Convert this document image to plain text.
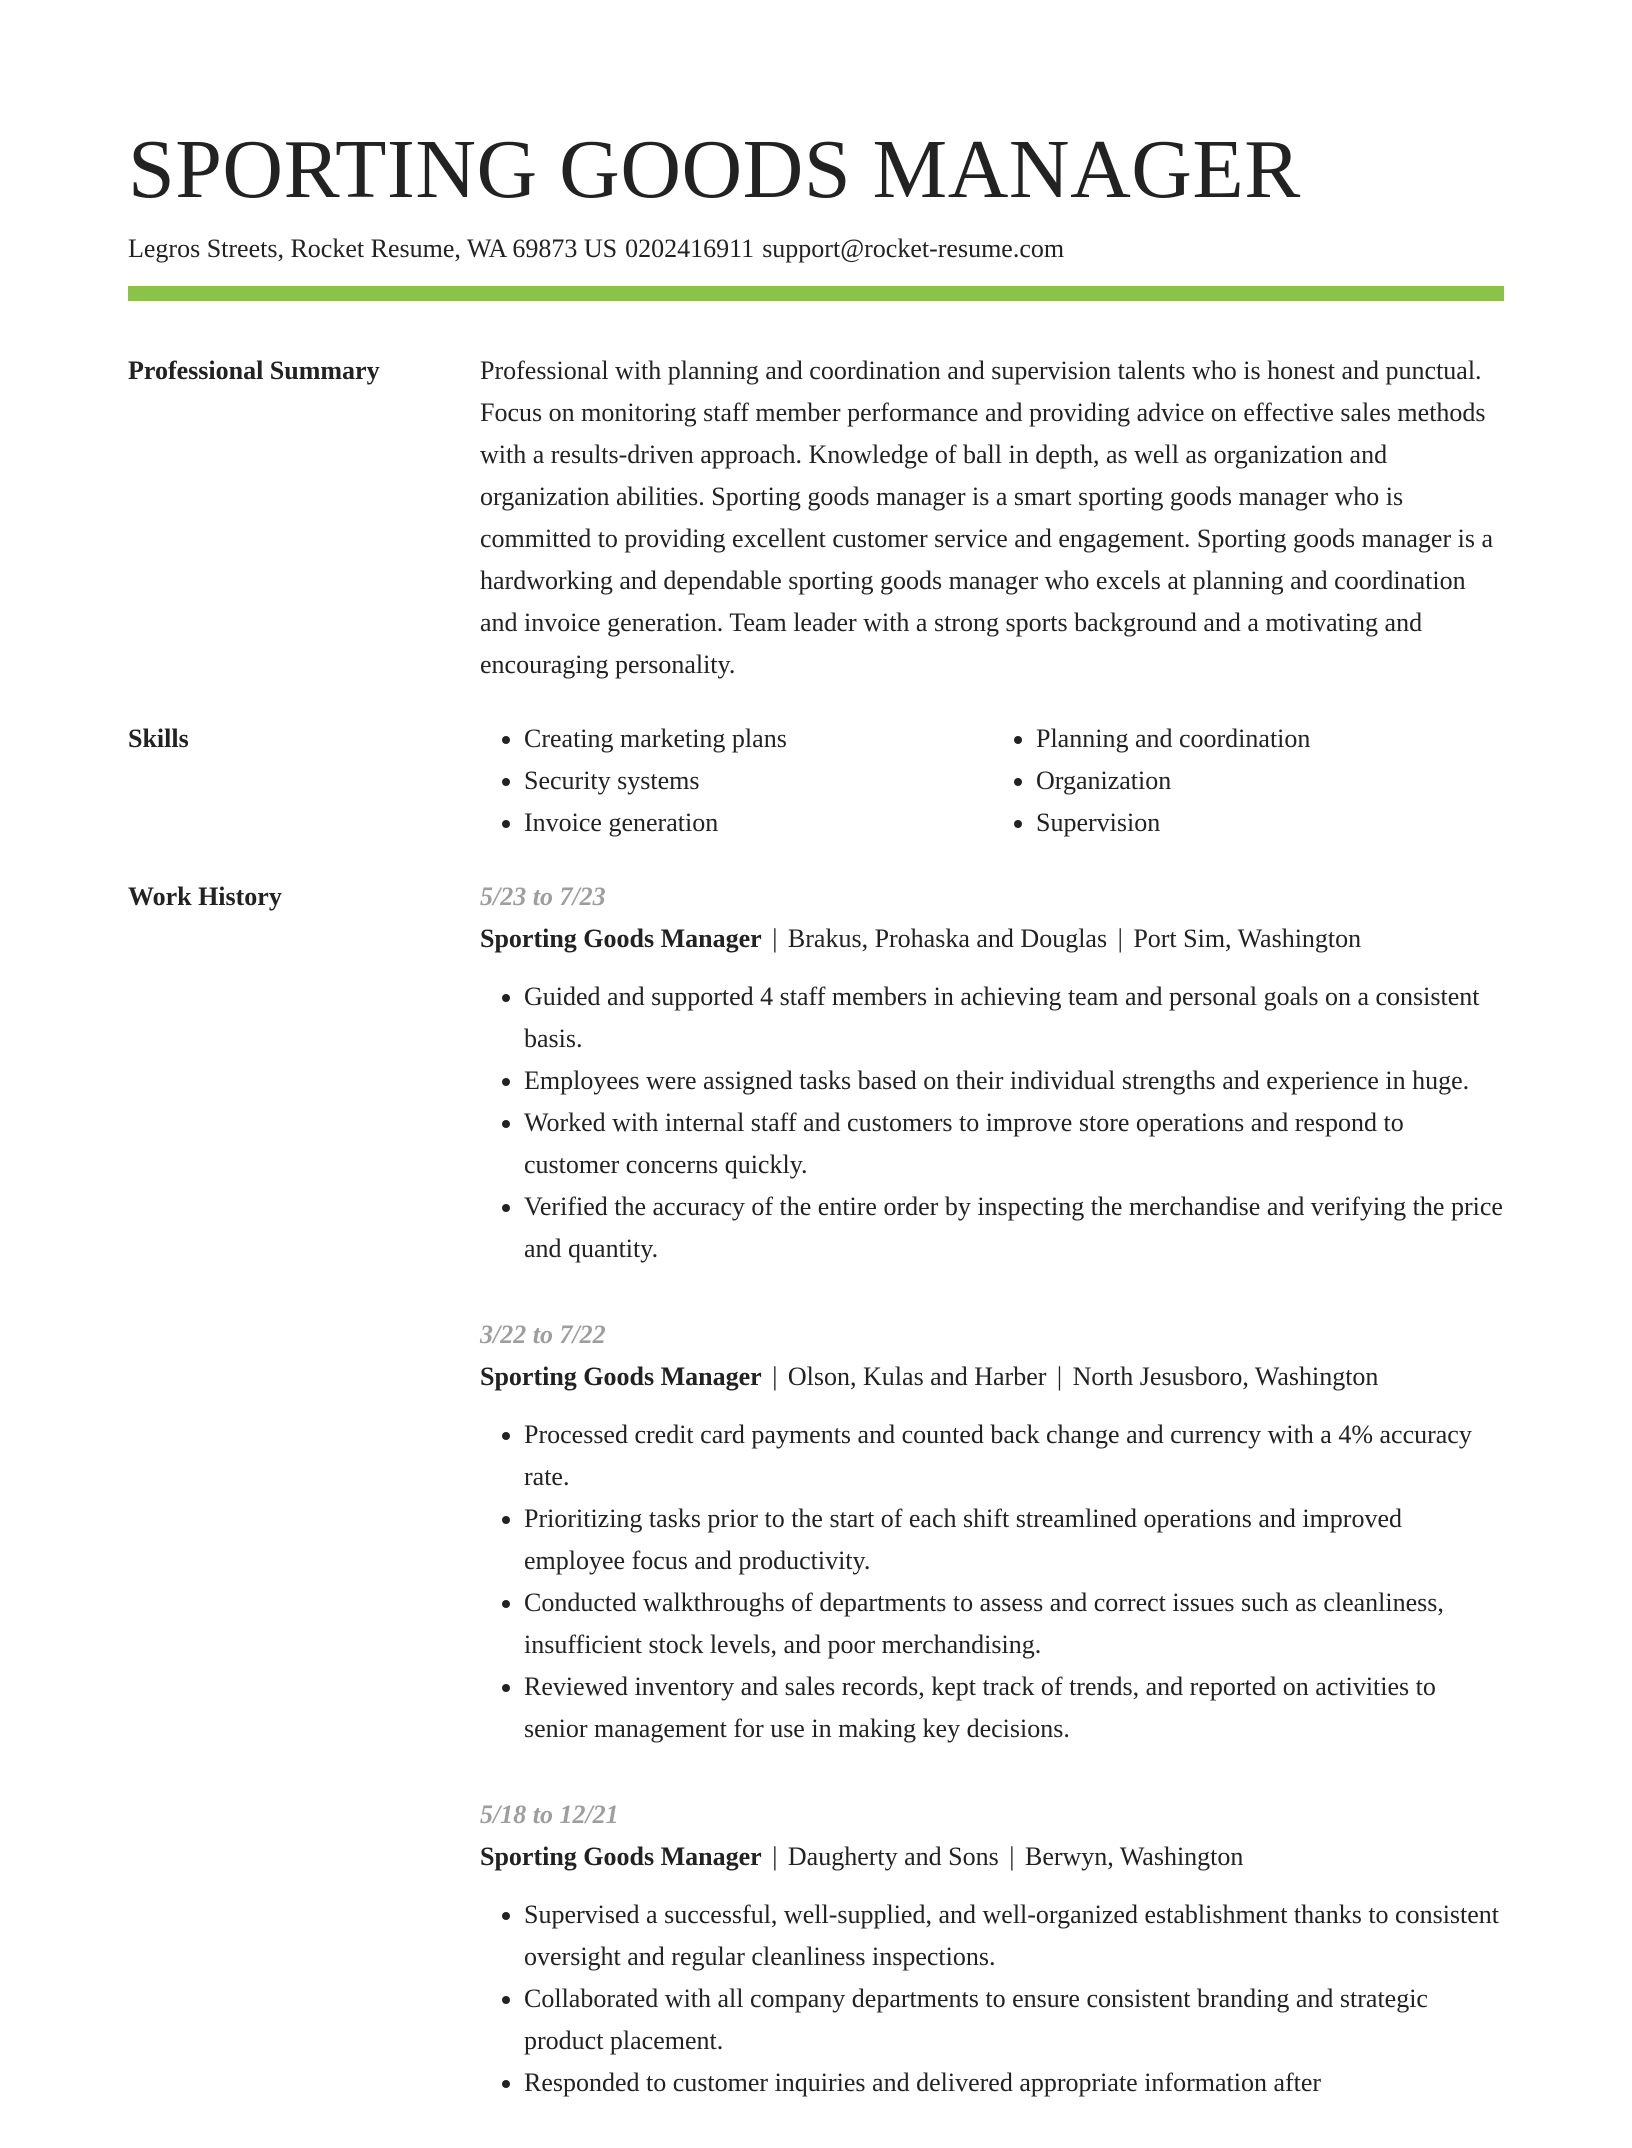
SPORTING GOODS MANAGER
Legros Streets, Rocket Resume, WA 69873 US 0202416911 support@rocket-resume.com
Professional Summary	Professional with planning and coordination and supervision talents who is honest and punctual. Focus on monitoring staff member performance and providing advice on effective sales methods with a results-driven approach. Knowledge of ball in depth, as well as organization and organization abilities. Sporting goods manager is a smart sporting goods manager who is committed to providing excellent customer service and engagement. Sporting goods manager is a hardworking and dependable sporting goods manager who excels at planning and coordination and invoice generation. Team leader with a strong sports background and a motivating and encouraging personality.

Skills
•	Creating marketing plans
• Security systems
• Invoice generation
• Planning and coordination
• Organization
• Supervision
Work History	5/23 to 7/23
Sporting Goods Manager | Brakus, Prohaska and Douglas | Port Sim, Washington
• Guided and supported 4 staff members in achieving team and personal goals on a consistent basis.
• Employees were assigned tasks based on their individual strengths and experience in huge.
• Worked with internal staff and customers to improve store operations and respond to customer concerns quickly.
• Verified the accuracy of the entire order by inspecting the merchandise and verifying the price and quantity.
3/22 to 7/22
Sporting Goods Manager | Olson, Kulas and Harber | North Jesusboro, Washington
• Processed credit card payments and counted back change and currency with a 4% accuracy rate.
• Prioritizing tasks prior to the start of each shift streamlined operations and improved employee focus and productivity.
• Conducted walkthroughs of departments to assess and correct issues such as cleanliness, insufficient stock levels, and poor merchandising.
• Reviewed inventory and sales records, kept track of trends, and reported on activities to senior management for use in making key decisions.
5/18 to 12/21
Sporting Goods Manager | Daugherty and Sons | Berwyn, Washington
• Supervised a successful, well-supplied, and well-organized establishment thanks to consistent oversight and regular cleanliness inspections.
• Collaborated with all company departments to ensure consistent branding and strategic product placement.
• Responded to customer inquiries and delivered appropriate information after
